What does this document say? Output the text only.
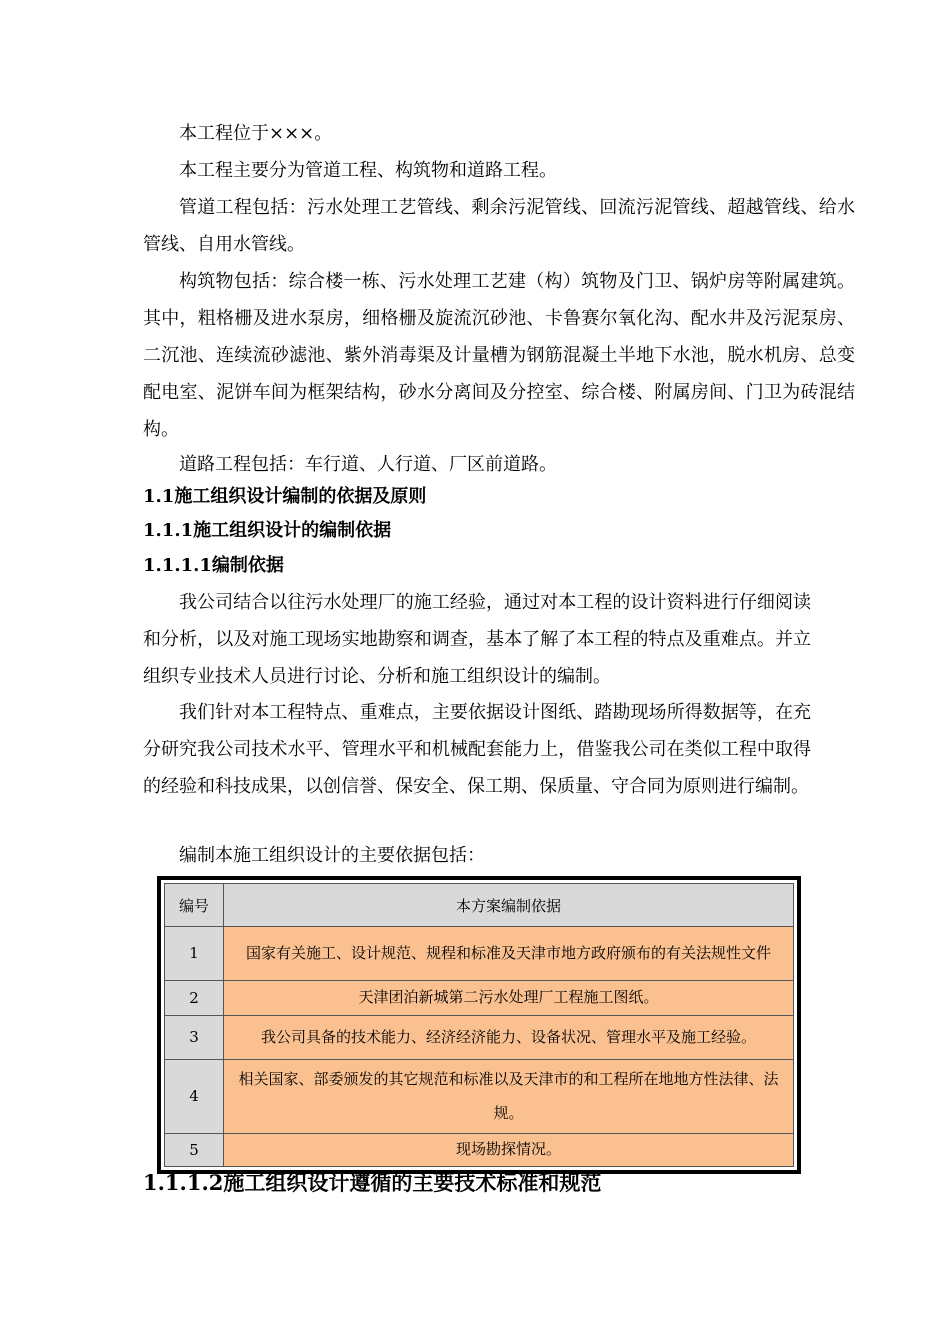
本工程位于×××。

本工程主要分为管道工程、构筑物和道路工程。

管道工程包括：污水处理工艺管线、剩余污泥管线、回流污泥管线、超越管线、给水管线、自用水管线。

构筑物包括：综合楼一栋、污水处理工艺建（构）筑物及门卫、锅炉房等附属建筑。其中，粗格栅及进水泵房，细格栅及旋流沉砂池、卡鲁赛尔氧化沟、配水井及污泥泵房、二沉池、连续流砂滤池、紫外消毒渠及计量槽为钢筋混凝土半地下水池，脱水机房、总变配电室、泥饼车间为框架结构，砂水分离间及分控室、综合楼、附属房间、门卫为砖混结构。

道路工程包括：车行道、人行道、厂区前道路。

1.1施工组织设计编制的依据及原则
1.1.1施工组织设计的编制依据
1.1.1.1编制依据

我公司结合以往污水处理厂的施工经验，通过对本工程的设计资料进行仔细阅读和分析，以及对施工现场实地勘察和调查，基本了解了本工程的特点及重难点。并立组织专业技术人员进行讨论、分析和施工组织设计的编制。

我们针对本工程特点、重难点，主要依据设计图纸、踏勘现场所得数据等，在充分研究我公司技术水平、管理水平和机械配套能力上，借鉴我公司在类似工程中取得的经验和科技成果，以创信誉、保安全、保工期、保质量、守合同为原则进行编制。

编制本施工组织设计的主要依据包括：

编号	本方案编制依据
1	国家有关施工、设计规范、规程和标准及天津市地方政府颁布的有关法规性文件
2	天津团泊新城第二污水处理厂工程施工图纸。
3	我公司具备的技术能力、经济经济能力、设备状况、管理水平及施工经验。
4	相关国家、部委颁发的其它规范和标准以及天津市的和工程所在地地方性法律、法规。
5	现场勘探情况。
1.1.1.2施工组织设计遵循的主要技术标准和规范
